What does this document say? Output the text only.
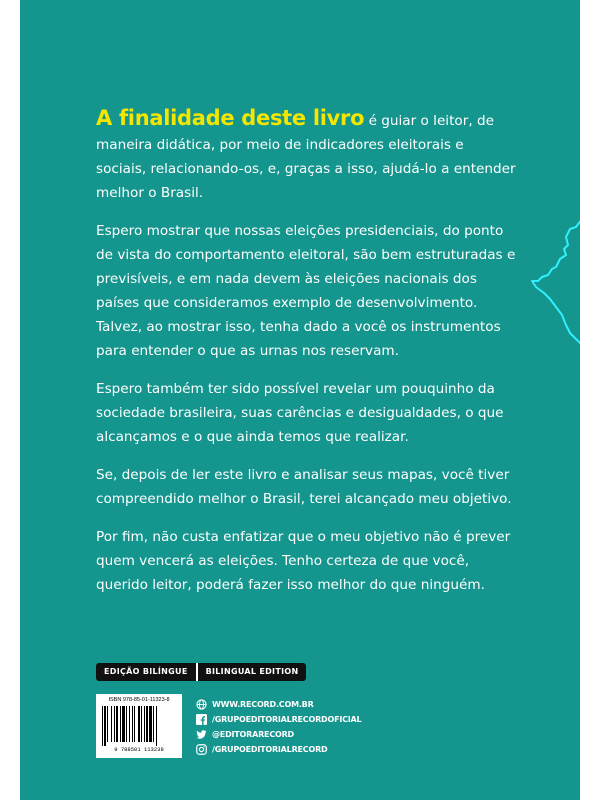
A finalidade deste livro é guiar o leitor, de maneira didática, por meio de indicadores eleitorais e sociais, relacionando-os, e, graças a isso, ajudá-lo a entender melhor o Brasil.

Espero mostrar que nossas eleições presidenciais, do ponto de vista do comportamento eleitoral, são bem estruturadas e previsíveis, e em nada devem às eleições nacionais dos países que consideramos exemplo de desenvolvimento. Talvez, ao mostrar isso, tenha dado a você os instrumentos para entender o que as urnas nos reservam.

Espero também ter sido possível revelar um pouquinho da sociedade brasileira, suas carências e desigualdades, o que alcançamos e o que ainda temos que realizar.

Se, depois de ler este livro e analisar seus mapas, você tiver compreendido melhor o Brasil, terei alcançado meu objetivo.

Por fim, não custa enfatizar que o meu objetivo não é prever quem vencerá as eleições. Tenho certeza de que você, querido leitor, poderá fazer isso melhor do que ninguém.

EDIÇÃO BILÍNGUE	BILINGUAL EDITION
ISBN 978-85-01-11323-8
9 788501 113238
WWW.RECORD.COM.BR
/GRUPOEDITORIALRECORDOFICIAL
@EDITORARECORD
/GRUPOEDITORIALRECORD
